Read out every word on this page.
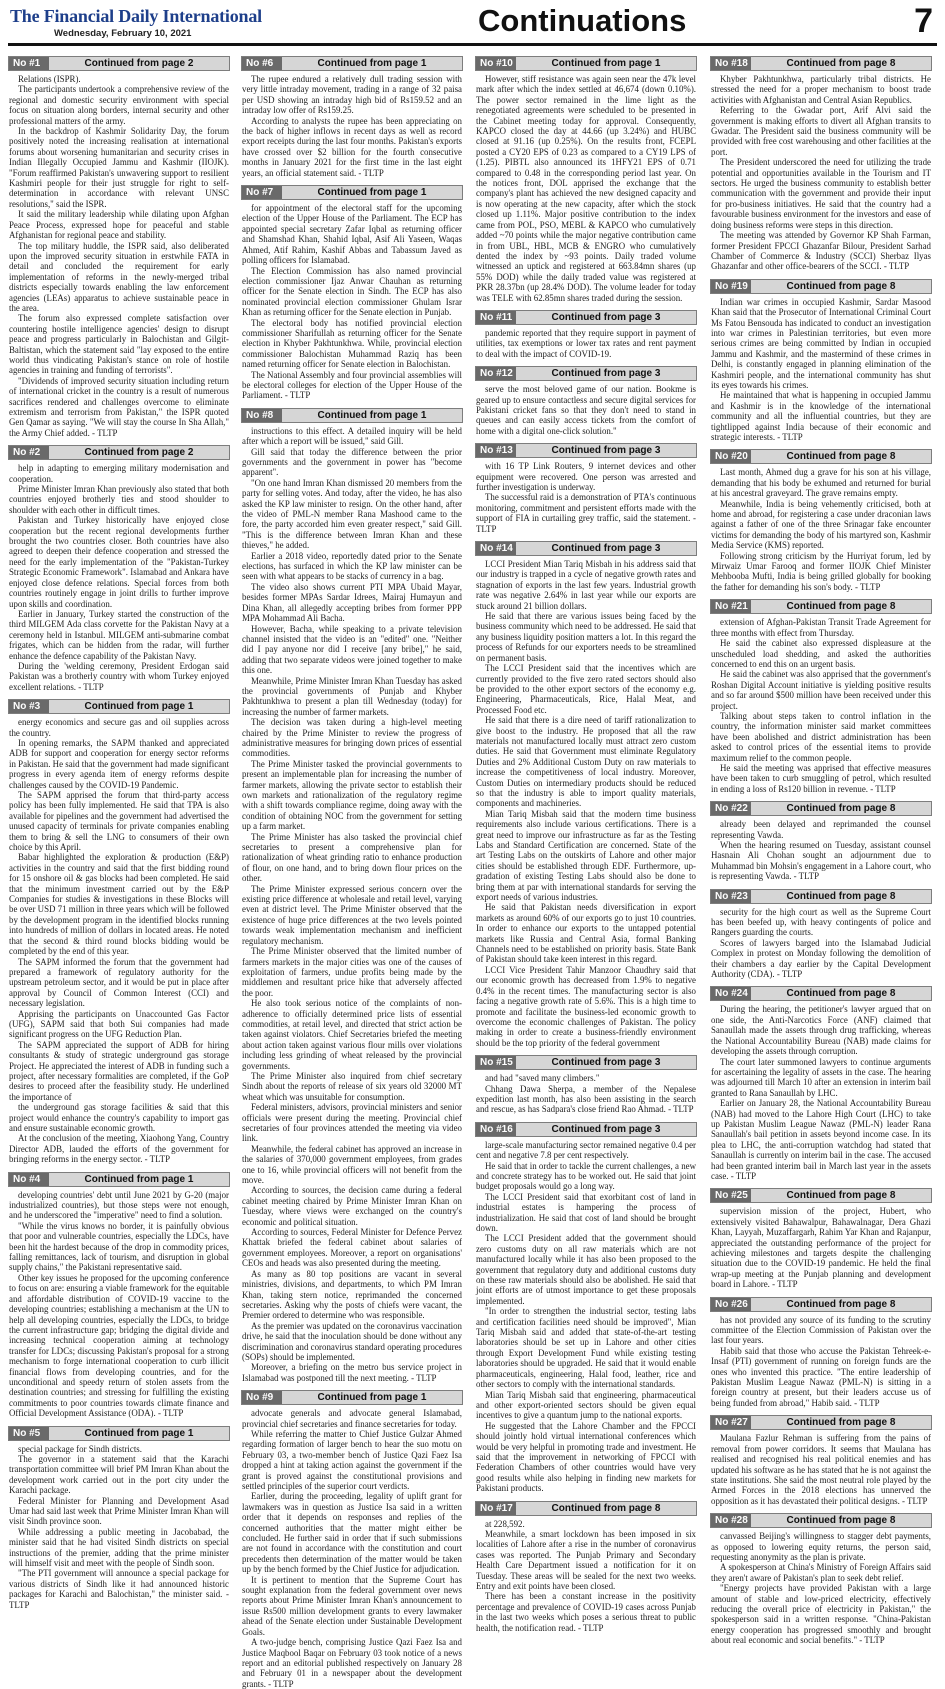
The Financial Daily International
Wednesday, February 10, 2021	Continuations	7
No #1	Continued from page 2

Relations (ISPR).

The participants undertook a comprehensive review of the regional and domestic security environment with special focus on situation along borders, internal security and other professional matters of the army.

In the backdrop of Kashmir Solidarity Day, the forum positively noted the increasing realisation at international forums about worsening humanitarian and security crises in Indian Illegally Occupied Jammu and Kashmir (IIOJK). "Forum reaffirmed Pakistan's unwavering support to resilient Kashmiri people for their just struggle for right to self-determination in accordance with relevant UNSC resolutions," said the ISPR.

It said the military leadership while dilating upon Afghan Peace Process, expressed hope for peaceful and stable Afghanistan for regional peace and stability.

The top military huddle, the ISPR said, also deliberated upon the improved security situation in erstwhile FATA in detail and concluded the requirement for early implementation of reforms in the newly-merged tribal districts especially towards enabling the law enforcement agencies (LEAs) apparatus to achieve sustainable peace in the area.

The forum also expressed complete satisfaction over countering hostile intelligence agencies' design to disrupt peace and progress particularly in Balochistan and Gilgit-Baltistan, which the statement said "lay exposed to the entire world thus vindicating Pakistan's stance on role of hostile agencies in training and funding of terrorists".

"Dividends of improved security situation including return of international cricket in the country is a result of numerous sacrifices rendered and challenges overcome to eliminate extremism and terrorism from Pakistan," the ISPR quoted Gen Qamar as saying. "We will stay the course In Sha Allah," the Army Chief added. - TLTP

No #2	Continued from page 2

help in adapting to emerging military modernisation and cooperation.

Prime Minister Imran Khan previously also stated that both countries enjoyed brotherly ties and stood shoulder to shoulder with each other in difficult times.

Pakistan and Turkey historically have enjoyed close cooperation but the recent regional developments further brought the two countries closer. Both countries have also agreed to deepen their defence cooperation and stressed the need for the early implementation of the "Pakistan-Turkey Strategic Economic Framework". Islamabad and Ankara have enjoyed close defence relations. Special forces from both countries routinely engage in joint drills to further improve upon skills and coordination.

Earlier in January, Turkey started the construction of the third MILGEM Ada class corvette for the Pakistan Navy at a ceremony held in Istanbul. MILGEM anti-submarine combat frigates, which can be hidden from the radar, will further enhance the defence capability of the Pakistan Navy.

During the 'welding ceremony, President Erdogan said Pakistan was a brotherly country with whom Turkey enjoyed excellent relations. - TLTP

No #3	Continued from page 1

energy economics and secure gas and oil supplies across the country.

In opening remarks, the SAPM thanked and appreciated ADB for support and cooperation for energy sector reforms in Pakistan. He said that the government had made significant progress in every agenda item of energy reforms despite challenges caused by the COVID-19 Pandemic.

The SAPM apprised the forum that third-party access policy has been fully implemented. He said that TPA is also available for pipelines and the government had advertised the unused capacity of terminals for private companies enabling them to bring & sell the LNG to consumers of their own choice by this April.

Babar highlighted the exploration & production (E&P) activities in the country and said that the first bidding round for 15 onshore oil & gas blocks had been completed. He said that the minimum investment carried out by the E&P Companies for studies & investigations in these Blocks will be over USD 71 million in three years which will be followed by the development program in the identified blocks running into hundreds of million of dollars in located areas. He noted that the second & third round blocks bidding would be completed by the end of this year.

The SAPM informed the forum that the government had prepared a framework of regulatory authority for the upstream petroleum sector, and it would be put in place after approval by Council of Common Interest (CCI) and necessary legislation.

Apprising the participants on Unaccounted Gas Factor (UFG), SAPM said that both Sui companies had made significant progress on the UFG Reduction Plan.

The SAPM appreciated the support of ADB for hiring consultants & study of strategic underground gas storage Project. He appreciated the interest of ADB in funding such a project, after necessary formalities are completed, if the GoP desires to proceed after the feasibility study. He underlined the importance of

the underground gas storage facilities & said that this project would enhance the country's capability to import gas and ensure sustainable economic growth.

At the conclusion of the meeting, Xiaohong Yang, Country Director ADB, lauded the efforts of the government for bringing reforms in the energy sector. - TLTP

No #4	Continued from page 1

developing countries' debt until June 2021 by G-20 (major industrialized countries), but those steps were not enough, and he underscored the "imperative" need to find a solution.

"While the virus knows no border, it is painfully obvious that poor and vulnerable countries, especially the LDCs, have been hit the hardest because of the drop in commodity prices, falling remittances, lack of tourism, and disruption in global supply chains," the Pakistani representative said.

Other key issues he proposed for the upcoming conference to focus on are: ensuring a viable framework for the equitable and affordable distribution of COVID-19 vaccine to the developing countries; establishing a mechanism at the UN to help all developing countries, especially the LDCs, to bridge the current infrastructure gap; bridging the digital divide and increasing technical cooperation aiming at technology transfer for LDCs; discussing Pakistan's proposal for a strong mechanism to forge international cooperation to curb illicit financial flows from developing countries, and for the unconditional and speedy return of stolen assets from the destination countries; and stressing for fulfilling the existing commitments to poor countries towards climate finance and Official Development Assistance (ODA). - TLTP

No #5	Continued from page 1

special package for Sindh districts.

The governor in a statement said that the Karachi transportation committee will brief PM Imran Khan about the development work carried out in the port city under the Karachi package.

Federal Minister for Planning and Development Asad Umar had said last week that Prime Minister Imran Khan will visit Sindh province soon.

While addressing a public meeting in Jacobabad, the minister said that he had visited Sindh districts on special instructions of the premier, adding that the prime minister will himself visit and meet with the people of Sindh soon.

"The PTI government will announce a special package for various districts of Sindh like it had announced historic packages for Karachi and Balochistan," the minister said. - TLTP

No #6	Continued from page 1

The rupee endured a relatively dull trading session with very little intraday movement, trading in a range of 32 paisa per USD showing an intraday high bid of Rs159.52 and an intraday low offer of Rs159.25.

According to analysts the rupee has been appreciating on the back of higher inflows in recent days as well as record export receipts during the last four months. Pakistan's exports have crossed over $2 billion for the fourth consecutive months in January 2021 for the first time in the last eight years, an official statement said. - TLTP

No #7	Continued from page 1

for appointment of the electoral staff for the upcoming election of the Upper House of the Parliament. The ECP has appointed special secretary Zafar Iqbal as returning officer and Shamshad Khan, Shahid Iqbal, Asif Ali Yaseen, Waqas Ahmed, Atif Rahim, Kashif Abbas and Tabassum Javed as polling officers for Islamabad.

The Election Commission has also named provincial election commissioner Ijaz Anwar Chauhan as returning officer for the Senate election in Sindh. The ECP has also nominated provincial election commissioner Ghulam Israr Khan as returning officer for the Senate election in Punjab.

The electoral body has notified provincial election commissioner Sharifullah as returning officer for the Senate election in Khyber Pakhtunkhwa. While, provincial election commissioner Balochistan Muhammad Raziq has been named returning officer for Senate election in Balochistan.

The National Assembly and four provincial assemblies will be electoral colleges for election of the Upper House of the Parliament. - TLTP

No #8	Continued from page 1

instructions to this effect. A detailed inquiry will be held after which a report will be issued," said Gill.

Gill said that today the difference between the prior governments and the government in power has "become apparent".

"On one hand Imran Khan dismissed 20 members from the party for selling votes. And today, after the video, he has also asked the KP law minister to resign. On the other hand, after the video of PML-N member Rana Mashood came to the fore, the party accorded him even greater respect," said Gill. "This is the difference between Imran Khan and these thieves," he added.

Earlier a 2018 video, reportedly dated prior to the Senate elections, has surfaced in which the KP law minister can be seen with what appears to be stacks of currency in a bag.

The video also shows current PTI MPA Ubaid Mayar, besides former MPAs Sardar Idrees, Mairaj Humayun and Dina Khan, all allegedly accepting bribes from former PPP MPA Mohammad Ali Bacha.

However, Bacha, while speaking to a private television channel insisted that the video is an "edited" one. "Neither did I pay anyone nor did I receive [any bribe]," he said, adding that two separate videos were joined together to make this one.

Meanwhile, Prime Minister Imran Khan Tuesday has asked the provincial governments of Punjab and Khyber Pakhtunkhwa to present a plan till Wednesday (today) for increasing the number of farmer markets.

The decision was taken during a high-level meeting chaired by the Prime Minister to review the progress of administrative measures for bringing down prices of essential commodities.

The Prime Minister tasked the provincial governments to present an implementable plan for increasing the number of farmer markets, allowing the private sector to establish their own markets and rationalization of the regulatory regime with a shift towards compliance regime, doing away with the condition of obtaining NOC from the government for setting up a farm market.

The Prime Minister has also tasked the provincial chief secretaries to present a comprehensive plan for rationalization of wheat grinding ratio to enhance production of flour, on one hand, and to bring down flour prices on the other.

The Prime Minister expressed serious concern over the existing price difference at wholesale and retail level, varying even at district level. The Prime Minister observed that the existence of huge price differences at the two levels pointed towards weak implementation mechanism and inefficient regulatory mechanism.

The Prime Minister observed that the limited number of farmers markets in the major cities was one of the causes of exploitation of farmers, undue profits being made by the middlemen and resultant price hike that adversely affected the poor.

He also took serious notice of the complaints of non-adherence to officially determined price lists of essential commodities, at retail level, and directed that strict action be taken against violators. Chief Secretaries briefed the meeting about action taken against various flour mills over violations including less grinding of wheat released by the provincial governments.

The Prime Minister also inquired from chief secretary Sindh about the reports of release of six years old 32000 MT wheat which was unsuitable for consumption.

Federal ministers, advisors, provincial ministers and senior officials were present during the meeting. Provincial chief secretaries of four provinces attended the meeting via video link.

Meanwhile, the federal cabinet has approved an increase in the salaries of 370,000 government employees, from grades one to 16, while provincial officers will not benefit from the move.

According to sources, the decision came during a federal cabinet meeting chaired by Prime Minister Imran Khan on Tuesday, where views were exchanged on the country's economic and political situation.

According to sources, Federal Minister for Defence Pervez Khattak briefed the federal cabinet about salaries of government employees. Moreover, a report on organisations' CEOs and heads was also presented during the meeting.

As many as 80 top positions are vacant in several ministries, divisions, and departments, to which PM Imran Khan, taking stern notice, reprimanded the concerned secretaries. Asking why the posts of chiefs were vacant, the Premier ordered to determine who was responsible.

As the premier was updated on the coronavirus vaccination drive, he said that the inoculation should be done without any discrimination and coronavirus standard operating procedures (SOPs) should be implemented.

Moreover, a briefing on the metro bus service project in Islamabad was postponed till the next meeting. - TLTP

No #9	Continued from page 1

advocate generals and advocate general Islamabad, provincial chief secretaries and finance secretaries for today.

While referring the matter to Chief Justice Gulzar Ahmed regarding formation of larger bench to hear the suo motu on February 03, a two-member bench of Justice Qazi Faez Isa dropped a hint at taking action against the government if the grant is proved against the constitutional provisions and settled principles of the superior court verdicts.

Earlier, during the proceeding, legality of uplift grant for lawmakers was in question as Justice Isa said in a written order that it depends on responses and replies of the concerned authorities that the matter might either be concluded. He further said in order that if such submissions are not found in accordance with the constitution and court precedents then determination of the matter would be taken up by the bench formed by the Chief Justice for adjudication.

It is pertinent to mention that the Supreme Court has sought explanation from the federal government over news reports about Prime Minister Imran Khan's announcement to issue Rs500 million development grants to every lawmaker ahead of the Senate election under Sustainable Development Goals.

A two-judge bench, comprising Justice Qazi Faez Isa and Justice Maqbool Baqar on February 03 took notice of a news report and an editorial published respectively on January 28 and February 01 in a newspaper about the development grants. - TLTP

No #10	Continued from page 1

However, stiff resistance was again seen near the 47k level mark after which the index settled at 46,674 (down 0.10%). The power sector remained in the lime light as the renegotiated agreements were scheduled to be presented in the Cabinet meeting today for approval. Consequently, KAPCO closed the day at 44.66 (up 3.24%) and HUBC closed at 91.16 (up 0.25%). On the results front, FCEPL posted a CY20 EPS of 0.23 as compared to a CY19 LPS of (1.25). PIBTL also announced its 1HFY21 EPS of 0.71 compared to 0.48 in the corresponding period last year. On the notices front, DOL apprised the exchange that the company's plant has achieved the new designed capacity and is now operating at the new capacity, after which the stock closed up 1.11%. Major positive contribution to the index came from POL, PSO, MEBL & KAPCO who cumulatively added ~70 points while the major negative contribution came in from UBL, HBL, MCB & ENGRO who cumulatively dented the index by ~93 points. Daily traded volume witnessed an uptick and registered at 663.84mn shares (up 55% DOD) while the daily traded value was registered at PKR 28.37bn (up 28.4% DOD). The volume leader for today was TELE with 62.85mn shares traded during the session.

No #11	Continued from page 3

pandemic reported that they require support in payment of utilities, tax exemptions or lower tax rates and rent payment to deal with the impact of COVID-19.

No #12	Continued from page 3

serve the most beloved game of our nation. Bookme is geared up to ensure contactless and secure digital services for Pakistani cricket fans so that they don't need to stand in queues and can easily access tickets from the comfort of home with a digital one-click solution."

No #13	Continued from page 3

with 16 TP Link Routers, 9 internet devices and other equipment were recovered. One person was arrested and further investigation is underway.

The successful raid is a demonstration of PTA's continuous monitoring, commitment and persistent efforts made with the support of FIA in curtailing grey traffic, said the statement. - TLTP

No #14	Continued from page 3

LCCI President Mian Tariq Misbah in his address said that our industry is trapped in a cycle of negative growth rates and stagnation of exports in the last few years. Industrial growth rate was negative 2.64% in last year while our exports are stuck around 21 billion dollars.

He said that there are various issues being faced by the business community which need to be addressed. He said that any business liquidity position matters a lot. In this regard the process of Refunds for our exporters needs to be streamlined on permanent basis.

The LCCI President said that the incentives which are currently provided to the five zero rated sectors should also be provided to the other export sectors of the economy e.g. Engineering, Pharmaceuticals, Rice, Halal Meat, and Processed Food etc.

He said that there is a dire need of tariff rationalization to give boost to the industry. He proposed that all the raw materials not manufactured locally must attract zero custom duties. He said that Government must eliminate Regulatory Duties and 2% Additional Custom Duty on raw materials to increase the competitiveness of local industry. Moreover, Custom Duties on intermediary products should be reduced so that the industry is able to import quality materials, components and machineries.

Mian Tariq Misbah said that the modern time business requirements also include various certifications. There is a great need to improve our infrastructure as far as the Testing Labs and Standard Certification are concerned. State of the art Testing Labs on the outskirts of Lahore and other major cities should be established through EDF. Furthermore, up-gradation of existing Testing Labs should also be done to bring them at par with international standards for serving the export needs of various industries.

He said that Pakistan needs diversification in export markets as around 60% of our exports go to just 10 countries. In order to enhance our exports to the untapped potential markets like Russia and Central Asia, formal Banking Channels need to be established on priority basis. State Bank of Pakistan should take keen interest in this regard.

LCCI Vice President Tahir Manzoor Chaudhry said that our economic growth has decreased from 1.9% to negative 0.4% in the recent times. The manufacturing sector is also facing a negative growth rate of 5.6%. This is a high time to promote and facilitate the business-led economic growth to overcome the economic challenges of Pakistan. The policy making in order to create a business-friendly environment should be the top priority of the federal government

No #15	Continued from page 3

and had "saved many climbers."

Chhang Dawa Sherpa, a member of the Nepalese expedition last month, has also been assisting in the search and rescue, as has Sadpara's close friend Rao Ahmad. - TLTP

No #16	Continued from page 3

large-scale manufacturing sector remained negative 0.4 per cent and negative 7.8 per cent respectively.

He said that in order to tackle the current challenges, a new and concrete strategy has to be worked out. He said that joint budget proposals would go a long way.

The LCCI President said that exorbitant cost of land in industrial estates is hampering the process of industrialization. He said that cost of land should be brought down.

The LCCI President added that the government should zero customs duty on all raw materials which are not manufactured locally while it has also been proposed to the government that regulatory duty and additional customs duty on these raw materials should also be abolished. He said that joint efforts are of utmost importance to get these proposals implemented.

"In order to strengthen the industrial sector, testing labs and certification facilities need should be improved", Mian Tariq Misbah said and added that state-of-the-art testing laboratories should be set up in Lahore and other cities through Export Development Fund while existing testing laboratories should be upgraded. He said that it would enable pharmaceuticals, engineering, Halal food, leather, rice and other sectors to comply with the international standards.

Mian Tariq Misbah said that engineering, pharmaceutical and other export-oriented sectors should be given equal incentives to give a quantum jump to the national exports.

He suggested that the Lahore Chamber and the FPCCI should jointly hold virtual international conferences which would be very helpful in promoting trade and investment. He said that the improvement in networking of FPCCI with Federation Chambers of other countries would have very good results while also helping in finding new markets for Pakistani products.

No #17	Continued from page 8

at 228,592.

Meanwhile, a smart lockdown has been imposed in six localities of Lahore after a rise in the number of coronavirus cases was reported. The Punjab Primary and Secondary Health Care Department issued a notification for it on Tuesday. These areas will be sealed for the next two weeks. Entry and exit points have been closed.

There has been a constant increase in the positivity percentage and prevalence of COVID-19 cases across Punjab in the last two weeks which poses a serious threat to public health, the notification read. - TLTP

No #18	Continued from page 8

Khyber Pakhtunkhwa, particularly tribal districts. He stressed the need for a proper mechanism to boost trade activities with Afghanistan and Central Asian Republics.

Referring to the Gwadar port, Arif Alvi said the government is making efforts to divert all Afghan transits to Gwadar. The President said the business community will be provided with free cost warehousing and other facilities at the port.

The President underscored the need for utilizing the trade potential and opportunities available in the Tourism and IT sectors. He urged the business community to establish better communication with the government and provide their input for pro-business initiatives. He said that the country had a favourable business environment for the investors and ease of doing business reforms were steps in this direction.

The meeting was attended by Governor KP Shah Farman, former President FPCCI Ghazanfar Bilour, President Sarhad Chamber of Commerce & Industry (SCCI) Sherbaz Ilyas Ghazanfar and other office-bearers of the SCCI. - TLTP

No #19	Continued from page 8

Indian war crimes in occupied Kashmir, Sardar Masood Khan said that the Prosecutor of International Criminal Court Ms Fatou Bensouda has indicated to conduct an investigation into war crimes in Palestinian territories, but even more serious crimes are being committed by Indian in occupied Jammu and Kashmir, and the mastermind of these crimes in Delhi, is constantly engaged in planning elimination of the Kashmiri people, and the international community has shut its eyes towards his crimes.

He maintained that what is happening in occupied Jammu and Kashmir is in the knowledge of the international community and all the influential countries, but they are tightlipped against India because of their economic and strategic interests. - TLTP

No #20	Continued from page 8

Last month, Ahmed dug a grave for his son at his village, demanding that his body be exhumed and returned for burial at his ancestral graveyard. The grave remains empty.

Meanwhile, India is being vehemently criticised, both at home and abroad, for registering a case under draconian laws against a father of one of the three Srinagar fake encounter victims for demanding the body of his martyred son, Kashmir Media Service (KMS) reported.

Following strong criticism by the Hurriyat forum, led by Mirwaiz Umar Farooq and former IIOJK Chief Minister Mehbooba Mufti, India is being grilled globally for booking the father for demanding his son's body. - TLTP

No #21	Continued from page 8

extension of Afghan-Pakistan Transit Trade Agreement for three months with effect from Thursday.

He said the cabinet also expressed displeasure at the unscheduled load shedding, and asked the authorities concerned to end this on an urgent basis.

He said the cabinet was also apprised that the government's Roshan Digital Account initiative is yielding positive results and so far around $500 million have been received under this project.

Talking about steps taken to control inflation in the country, the information minister said market committees have been abolished and district administration has been asked to control prices of the essential items to provide maximum relief to the common people.

He said the meeting was apprised that effective measures have been taken to curb smuggling of petrol, which resulted in ending a loss of Rs120 billion in revenue. - TLTP

No #22	Continued from page 8

already been delayed and reprimanded the counsel representing Vawda.

When the hearing resumed on Tuesday, assistant counsel Hasnain Ali Chohan sought an adjournment due to Muhammad bin Mohsin's engagement in a Lahore court, who is representing Vawda. - TLTP

No #23	Continued from page 8

security for the high court as well as the Supreme Court has been beefed up, with heavy contingents of police and Rangers guarding the courts.

Scores of lawyers barged into the Islamabad Judicial Complex in protest on Monday following the demolition of their chambers a day earlier by the Capital Development Authority (CDA). - TLTP

No #24	Continued from page 8

During the hearing, the petitioner's lawyer argued that on one side, the Anti-Narcotics Force (ANF) claimed that Sanaullah made the assets through drug trafficking, whereas the National Accountability Bureau (NAB) made claims for developing the assets through corruption.

The court later summoned lawyers to continue arguments for ascertaining the legality of assets in the case. The hearing was adjourned till March 10 after an extension in interim bail granted to Rana Sanaullah by LHC.

Earlier on January 28, the National Accountability Bureau (NAB) had moved to the Lahore High Court (LHC) to take up Pakistan Muslim League Nawaz (PML-N) leader Rana Sanaullah's bail petition in assets beyond income case. In its plea to LHC, the anti-corruption watchdog had stated that Sanaullah is currently on interim bail in the case. The accused had been granted interim bail in March last year in the assets case. - TLTP

No #25	Continued from page 8

supervision mission of the project, Hubert, who extensively visited Bahawalpur, Bahawalnagar, Dera Ghazi Khan, Layyah, Muzaffargarh, Rahim Yar Khan and Rajanpur, appreciated the outstanding performance of the project for achieving milestones and targets despite the challenging situation due to the COVID-19 pandemic. He held the final wrap-up meeting at the Punjab planning and development board in Lahore. - TLTP

No #26	Continued from page 8

has not provided any source of its funding to the scrutiny committee of the Election Commission of Pakistan over the last four years.

Habib said that those who accuse the Pakistan Tehreek-e-Insaf (PTI) government of running on foreign funds are the ones who invented this practice. "The entire leadership of Pakistan Muslim League Nawaz (PML-N) is sitting in a foreign country at present, but their leaders accuse us of being funded from abroad," Habib said. - TLTP

No #27	Continued from page 8

Maulana Fazlur Rehman is suffering from the pains of removal from power corridors. It seems that Maulana has realised and recognised his real political enemies and has updated his software as he has stated that he is not against the state institutions. She said the most neutral role played by the Armed Forces in the 2018 elections has unnerved the opposition as it has devastated their political designs. - TLTP

No #28	Continued from page 8

canvassed Beijing's willingness to stagger debt payments, as opposed to lowering equity returns, the person said, requesting anonymity as the plan is private.

A spokesperson at China's Ministry of Foreign Affairs said they aren't aware of Pakistan's plan to seek debt relief.

"Energy projects have provided Pakistan with a large amount of stable and low-priced electricity, effectively reducing the overall price of electricity in Pakistan," the spokesperson said in a written response. "China-Pakistan energy cooperation has progressed smoothly and brought about real economic and social benefits." - TLTP
